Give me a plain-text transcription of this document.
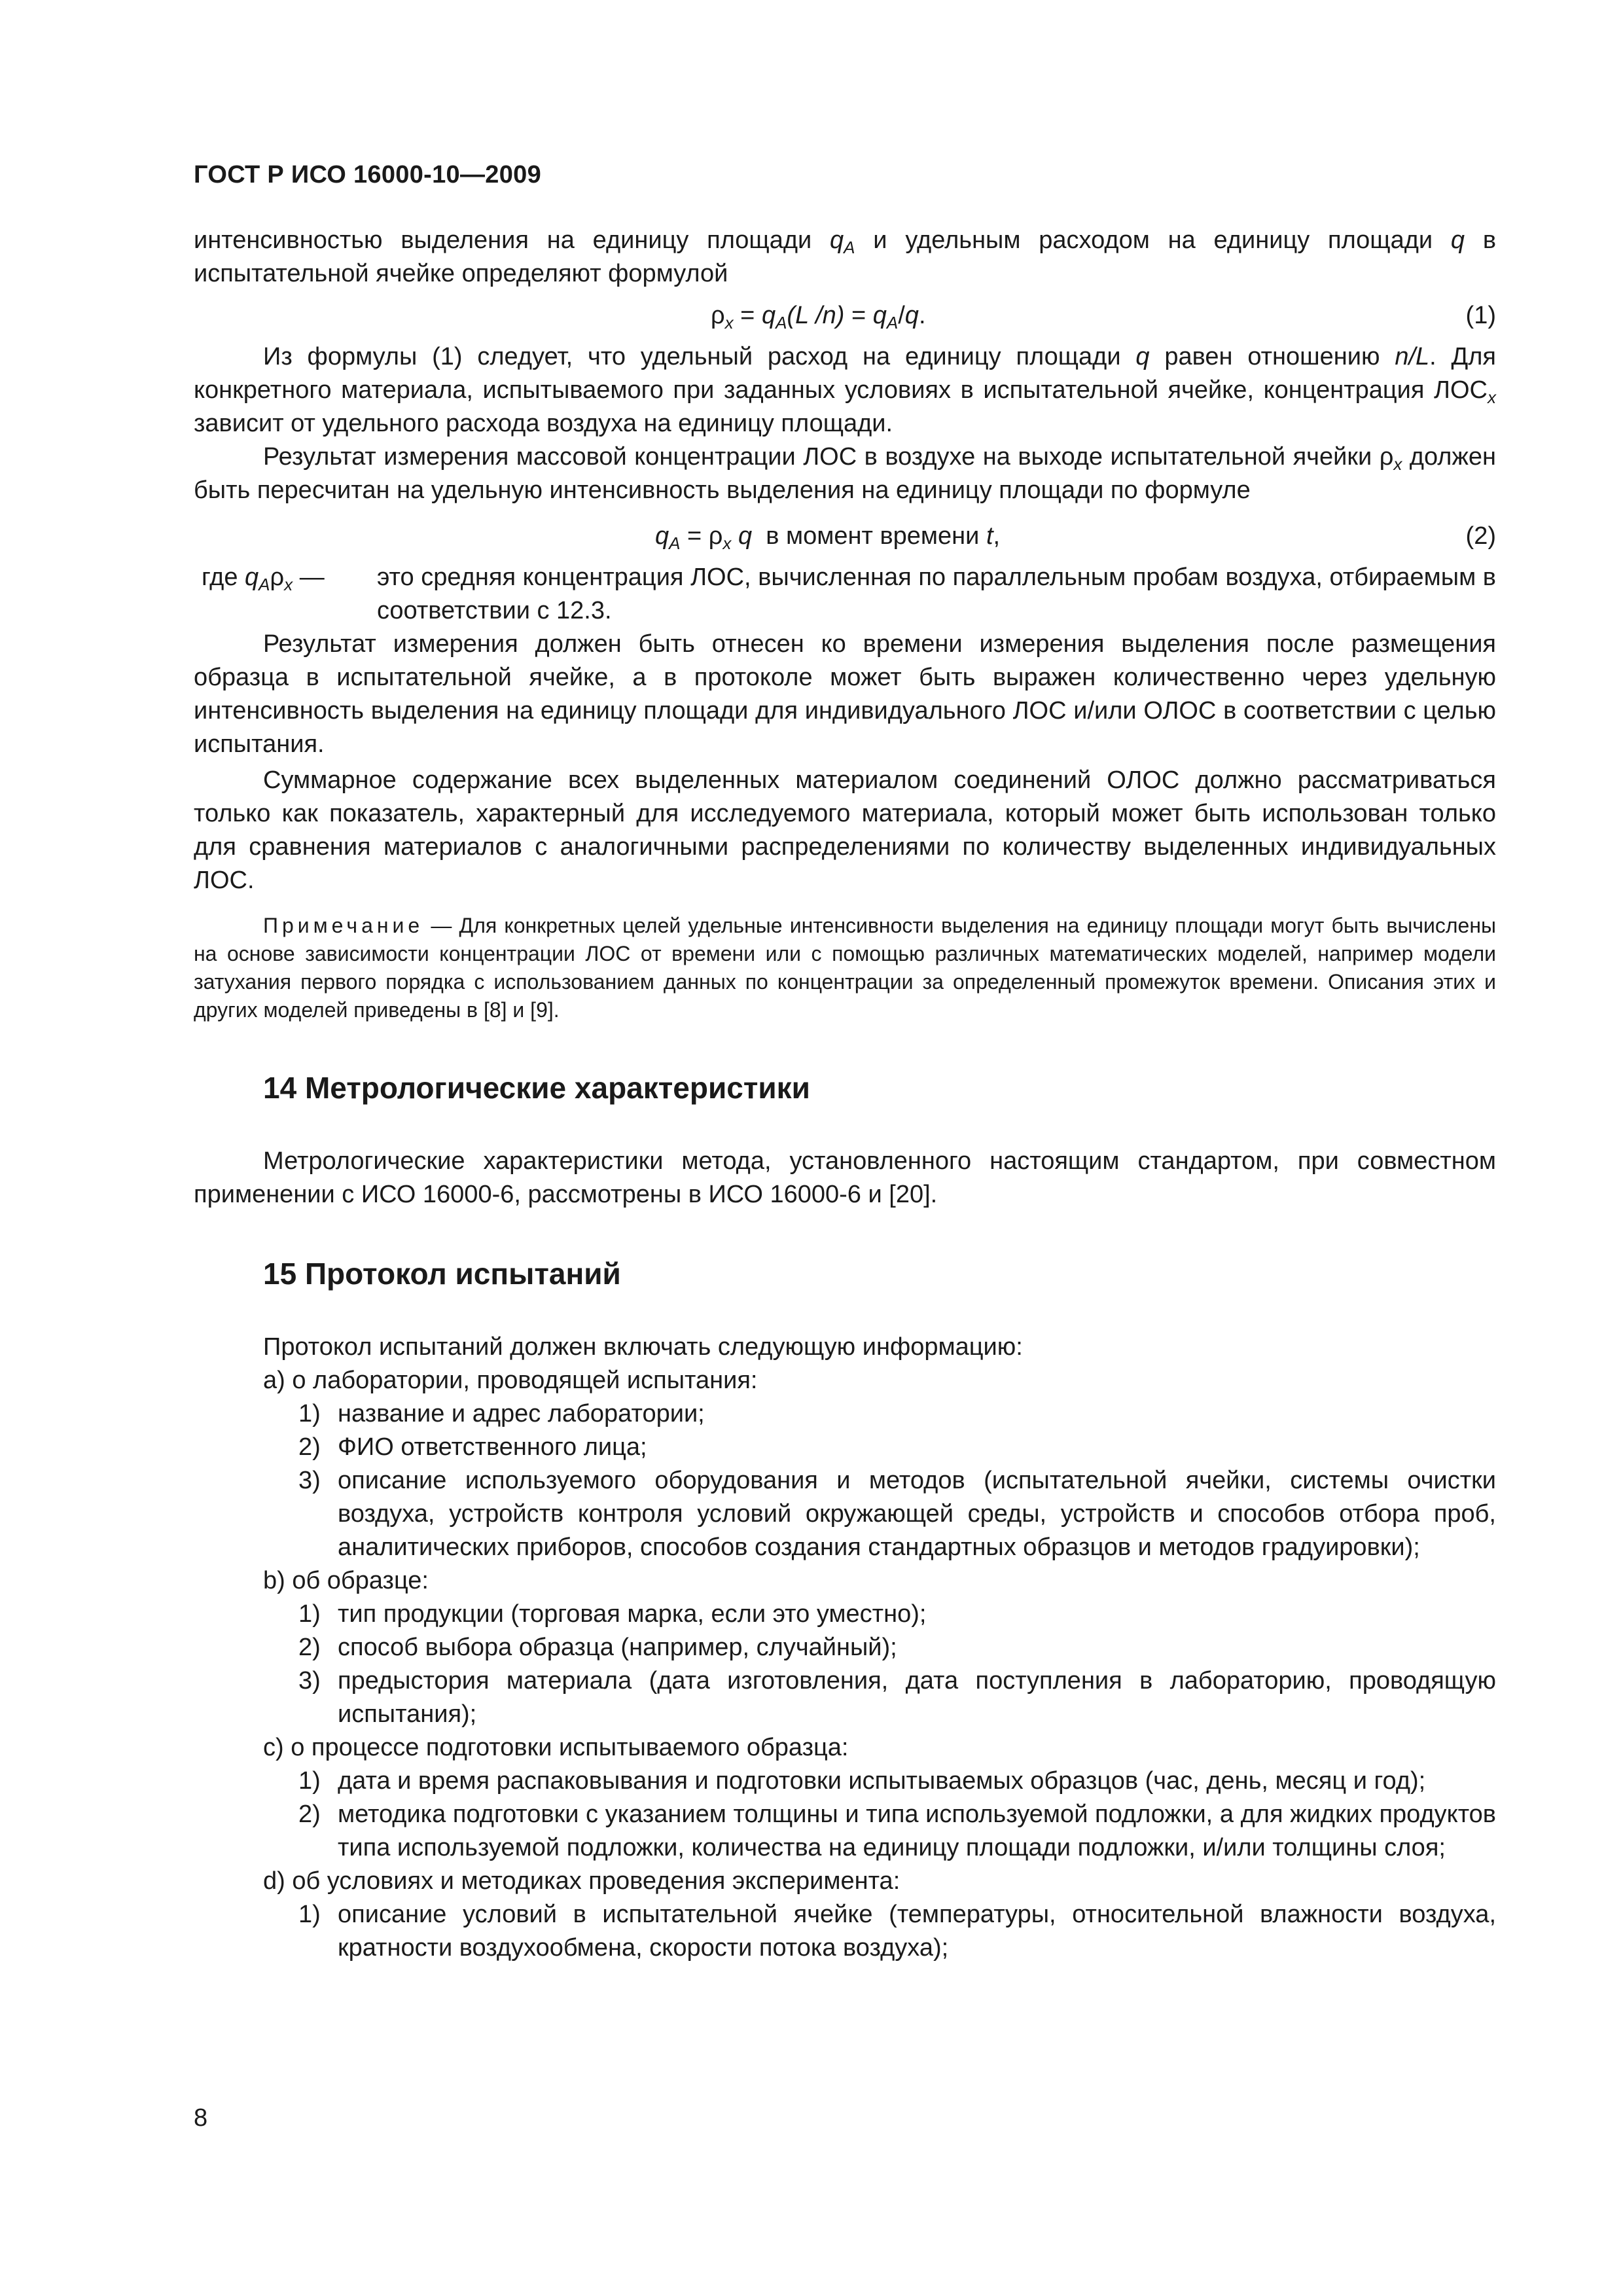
ГОСТ Р ИСО 16000-10—2009

интенсивностью выделения на единицу площади $q_A$ и удельным расходом на единицу площади q в испытательной ячейке определяют формулой

$\rho_x = q_A(L$ $/n) = q_A/q$.	(1)

Из формулы (1) следует, что удельный расход на единицу площади q равен отношению n/L. Для конкретного материала, испытываемого при заданных условиях в испытательной ячейке, концентрация $ЛОС_x$ зависит от удельного расхода воздуха на единицу площади.

Результат измерения массовой концентрации ЛОС в воздухе на выходе испытательной ячейки $\rho_x$ должен быть пересчитан на удельную интенсивность выделения на единицу площади по формуле

$q_A = \rho_x$ q  в момент времени t,	(2)
где $q_A\rho_x$ —	это средняя концентрация ЛОС, вычисленная по параллельным пробам воздуха, отбираемым в соответствии с 12.3.

Результат измерения должен быть отнесен ко времени измерения выделения после размещения образца в испытательной ячейке, а в протоколе может быть выражен количественно через удельную интенсивность выделения на единицу площади для индивидуального ЛОС и/или ОЛОС в соответствии с целью испытания.

Суммарное содержание всех выделенных материалом соединений ОЛОС должно рассматриваться только как показатель, характерный для исследуемого материала, который может быть использован только для сравнения материалов с аналогичными распределениями по количеству выделенных индивидуальных ЛОС.

Примечание — Для конкретных целей удельные интенсивности выделения на единицу площади могут быть вычислены на основе зависимости концентрации ЛОС от времени или с помощью различных математических моделей, например модели затухания первого порядка с использованием данных по концентрации за определенный промежуток времени. Описания этих и других моделей приведены в [8] и [9].
14 Метрологические характеристики

Метрологические характеристики метода, установленного настоящим стандартом, при совместном применении с ИСО 16000-6, рассмотрены в ИСО 16000-6 и [20].

15 Протокол испытаний

Протокол испытаний должен включать следующую информацию:

a) о лаборатории, проводящей испытания:
1) название и адрес лаборатории;
2) ФИО ответственного лица;
3) описание используемого оборудования и методов (испытательной ячейки, системы очистки воздуха, устройств контроля условий окружающей среды, устройств и способов отбора проб, аналитических приборов, способов создания стандартных образцов и методов градуировки);
b) об образце:
1) тип продукции (торговая марка, если это уместно);
2) способ выбора образца (например, случайный);
3) предыстория материала (дата изготовления, дата поступления в лабораторию, проводящую испытания);
c) о процессе подготовки испытываемого образца:
1) дата и время распаковывания и подготовки испытываемых образцов (час, день, месяц и год);
2) методика подготовки с указанием толщины и типа используемой подложки, а для жидких продуктов типа используемой подложки, количества на единицу площади подложки, и/или толщины слоя;
d) об условиях и методиках проведения эксперимента:
1) описание условий в испытательной ячейке (температуры, относительной влажности воздуха, кратности воздухообмена, скорости потока воздуха);
8
